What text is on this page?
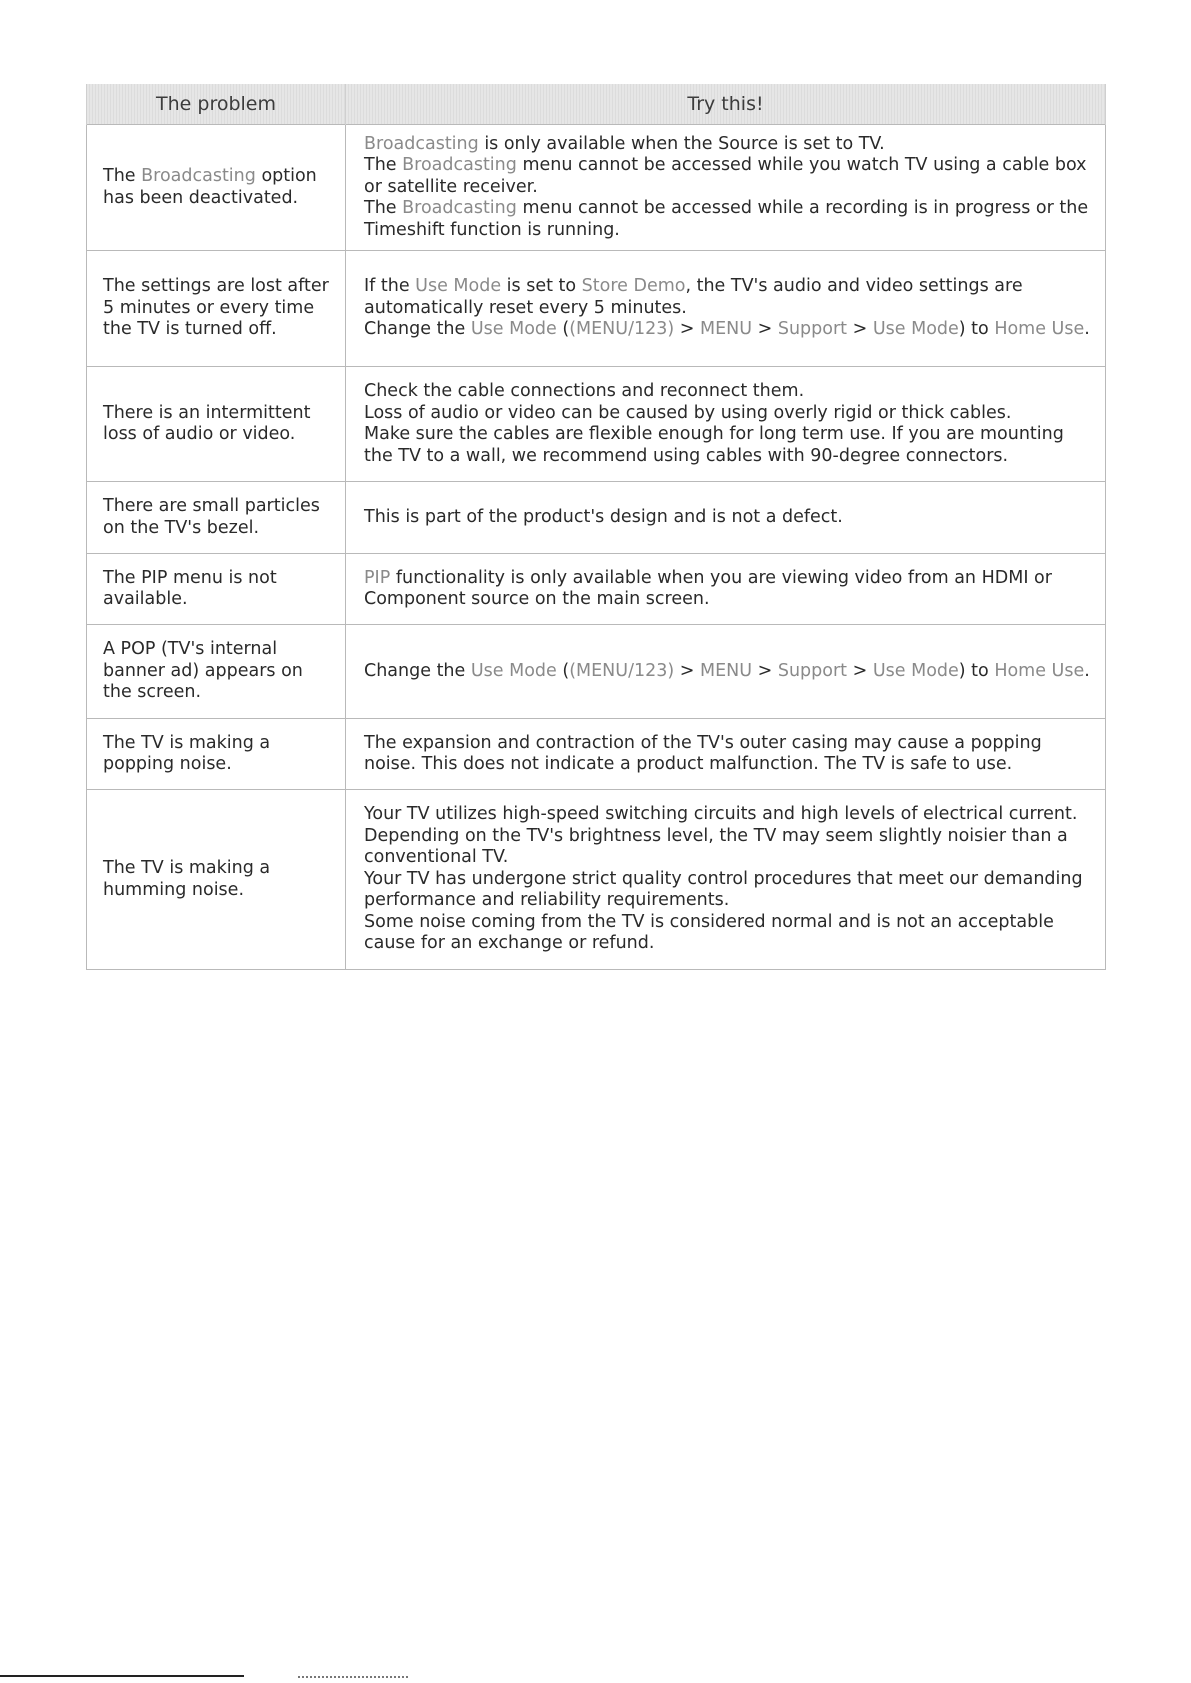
The problem	Try this!

The Broadcasting option has been deactivated.	Broadcasting is only available when the Source is set to TV.

The Broadcasting menu cannot be accessed while you watch TV using a cable box or satellite receiver.

The Broadcasting menu cannot be accessed while a recording is in progress or the Timeshift function is running.

The settings are lost after 5 minutes or every time the TV is turned off.	If the Use Mode is set to Store Demo, the TV's audio and video settings are automatically reset every 5 minutes.

Change the Use Mode ((MENU/123) > MENU > Support > Use Mode) to Home Use.

There is an intermittent loss of audio or video.	Check the cable connections and reconnect them.

Loss of audio or video can be caused by using overly rigid or thick cables.

Make sure the cables are flexible enough for long term use. If you are mounting the TV to a wall, we recommend using cables with 90-degree connectors.

There are small particles on the TV's bezel.	This is part of the product's design and is not a defect.

The PIP menu is not available.	PIP functionality is only available when you are viewing video from an HDMI or Component source on the main screen.

A POP (TV's internal banner ad) appears on the screen.	Change the Use Mode ((MENU/123) > MENU > Support > Use Mode) to Home Use.

The TV is making a popping noise.	The expansion and contraction of the TV's outer casing may cause a popping noise. This does not indicate a product malfunction. The TV is safe to use.

The TV is making a humming noise.	Your TV utilizes high-speed switching circuits and high levels of electrical current. Depending on the TV's brightness level, the TV may seem slightly noisier than a conventional TV.

Your TV has undergone strict quality control procedures that meet our demanding performance and reliability requirements.

Some noise coming from the TV is considered normal and is not an acceptable cause for an exchange or refund.
